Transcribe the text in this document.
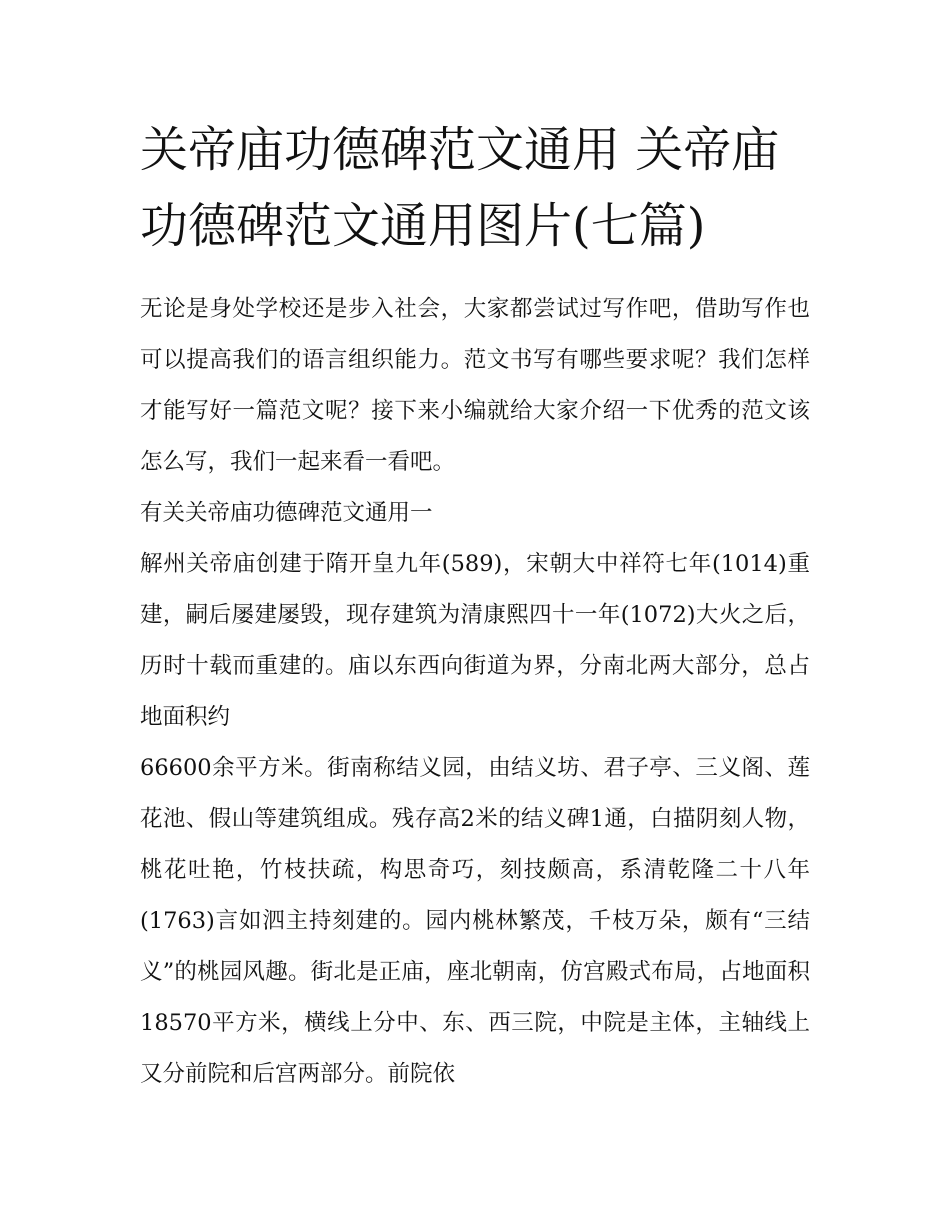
关帝庙功德碑范文通用 关帝庙功德碑范文通用图片(七篇)

无论是身处学校还是步入社会，大家都尝试过写作吧，借助写作也可以提高我们的语言组织能力。范文书写有哪些要求呢？我们怎样才能写好一篇范文呢？接下来小编就给大家介绍一下优秀的范文该怎么写，我们一起来看一看吧。

有关关帝庙功德碑范文通用一

解州关帝庙创建于隋开皇九年(589)，宋朝大中祥符七年(1014)重建，嗣后屡建屡毁，现存建筑为清康熙四十一年(1072)大火之后，历时十载而重建的。庙以东西向街道为界，分南北两大部分，总占地面积约

66600余平方米。街南称结义园，由结义坊、君子亭、三义阁、莲花池、假山等建筑组成。残存高2米的结义碑1通，白描阴刻人物，桃花吐艳，竹枝扶疏，构思奇巧，刻技颇高，系清乾隆二十八年(1763)言如泗主持刻建的。园内桃林繁茂，千枝万朵，颇有“三结义”的桃园风趣。街北是正庙，座北朝南，仿宫殿式布局，占地面积18570平方米，横线上分中、东、西三院，中院是主体，主轴线上又分前院和后宫两部分。前院依
